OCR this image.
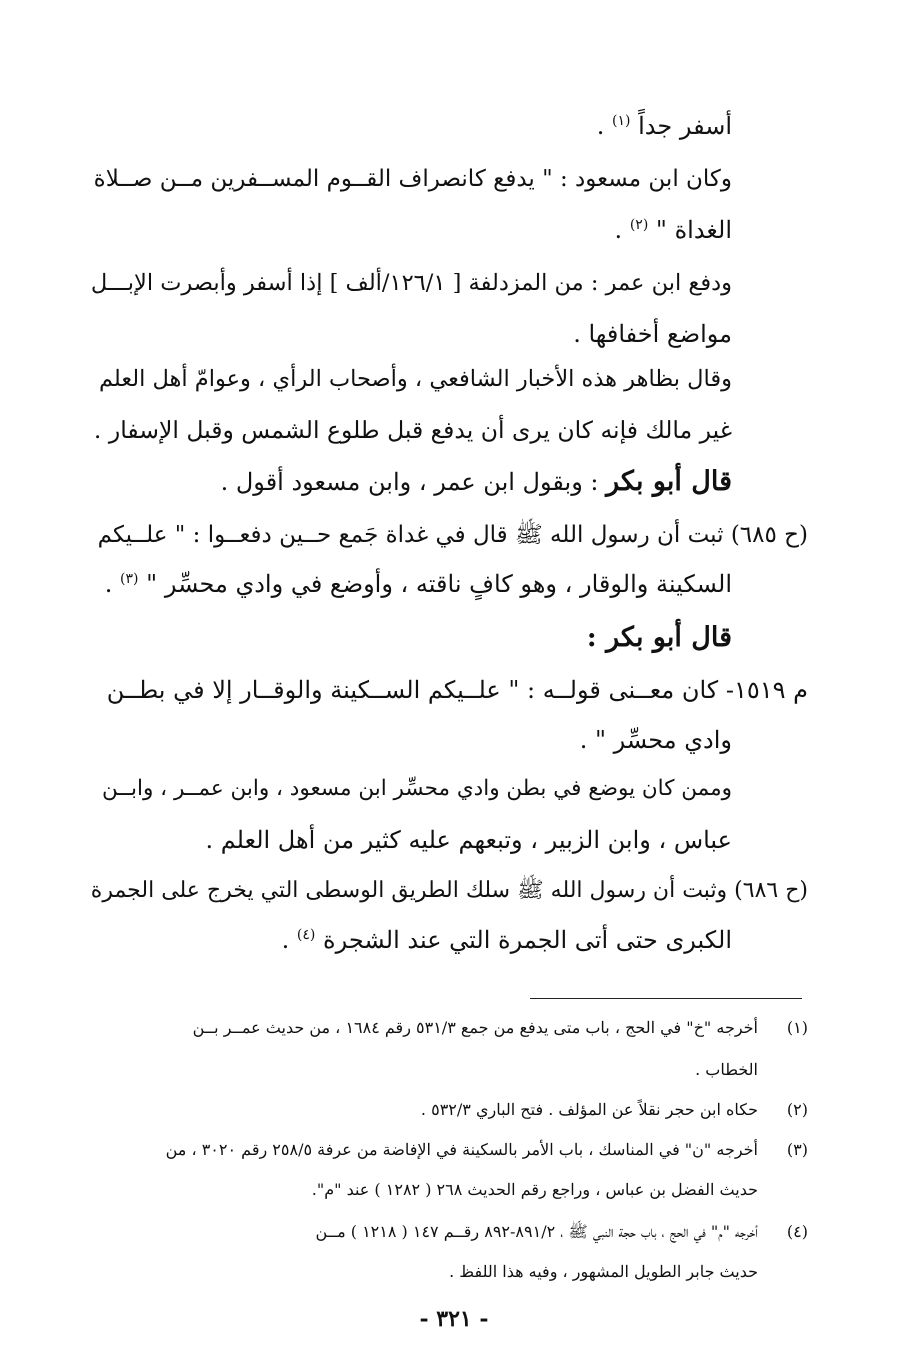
أسفر جداً $^{(١)}$ .
وكان ابن مسعود : " يدفع كانصراف القــوم المســفرين مــن صــلاة
الغداة " $^{(٢)}$ .
ودفع ابن عمر : من المزدلفة [ ١٢٦/١/ألف ] إذا أسفر وأبصرت الإبـــل
مواضع أخفافها .
وقال بظاهر هذه الأخبار الشافعي ، وأصحاب الرأي ، وعوامّ أهل العلم
غير مالك فإنه كان يرى أن يدفع قبل طلوع الشمس وقبل الإسفار .
قال أبو بكر : وبقول ابن عمر ، وابن مسعود أقول .
(ح ٦٨٥) ثبت أن رسول الله ﷺ قال في غداة جَمع حــين دفعــوا : " علــيكم
السكينة والوقار ، وهو كافٍ ناقته ، وأوضع في وادي محسِّر " $^{(٣)}$ .
قال أبو بكر :
م ١٥١٩- كان معــنى قولــه : " علــيكم الســكينة والوقــار إلا في بطــن
وادي محسِّر " .
وممن كان يوضع في بطن وادي محسِّر ابن مسعود ، وابن عمــر ، وابــن
عباس ، وابن الزبير ، وتبعهم عليه كثير من أهل العلم .
(ح ٦٨٦) وثبت أن رسول الله ﷺ سلك الطريق الوسطى التي يخرج على الجمرة
الكبرى حتى أتى الجمرة التي عند الشجرة $^{(٤)}$ .
(١)
أخرجه "خ" في الحج ، باب متى يدفع من جمع ٥٣١/٣ رقم ١٦٨٤ ، من حديث عمــر بــن
الخطاب .
(٢)
حكاه ابن حجر نقلاً عن المؤلف . فتح الباري ٥٣٢/٣ .
(٣)
أخرجه "ن" في المناسك ، باب الأمر بالسكينة في الإفاضة من عرفة ٢٥٨/٥ رقم ٣٠٢٠ ، من
حديث الفضل بن عباس ، وراجع رقم الحديث ٢٦٨ ( ١٢٨٢ ) عند "م".
(٤)
أخرجه "م" في الحج ، باب حجة النبي ﷺ ، ٨٩١/٢-٨٩٢ رقــم ١٤٧ ( ١٢١٨ ) مــن
حديث جابر الطويل المشهور ، وفيه هذا اللفظ .
- ٣٢١ -
